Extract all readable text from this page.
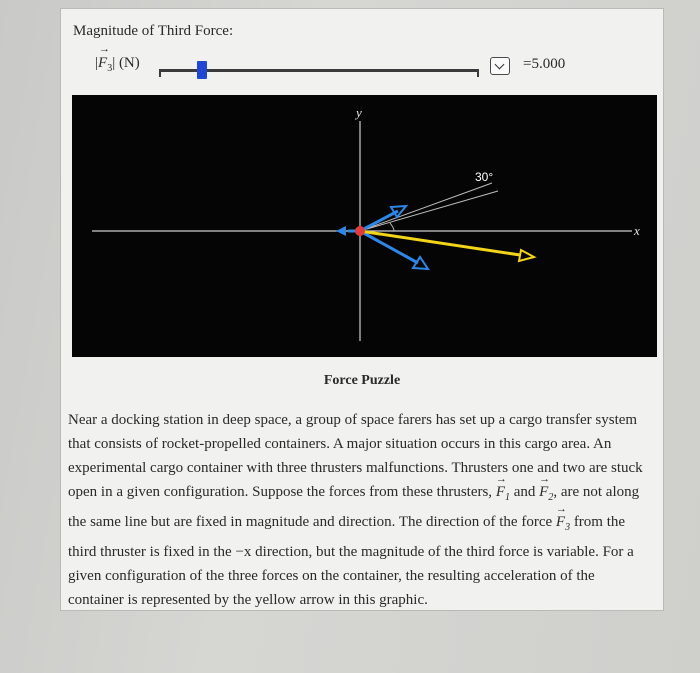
Magnitude of Third Force:
|→ $F_3|$ (N)	=5.000
y
x
30°
Force Puzzle

Near a docking station in deep space, a group of space farers has set up a cargo transfer system that consists of rocket-propelled containers. A major situation occurs in this cargo area. An experimental cargo container with three thrusters malfunctions. Thrusters one and two are stuck open in a given configuration. Suppose the forces from these thrusters, → $F_1$ and → $F_2$, are not along the same line but are fixed in magnitude and direction. The direction of the force → $F_3$ from the third thruster is fixed in the −x direction, but the magnitude of the third force is variable. For a given configuration of the three forces on the container, the resulting acceleration of the container is represented by the yellow arrow in this graphic.
